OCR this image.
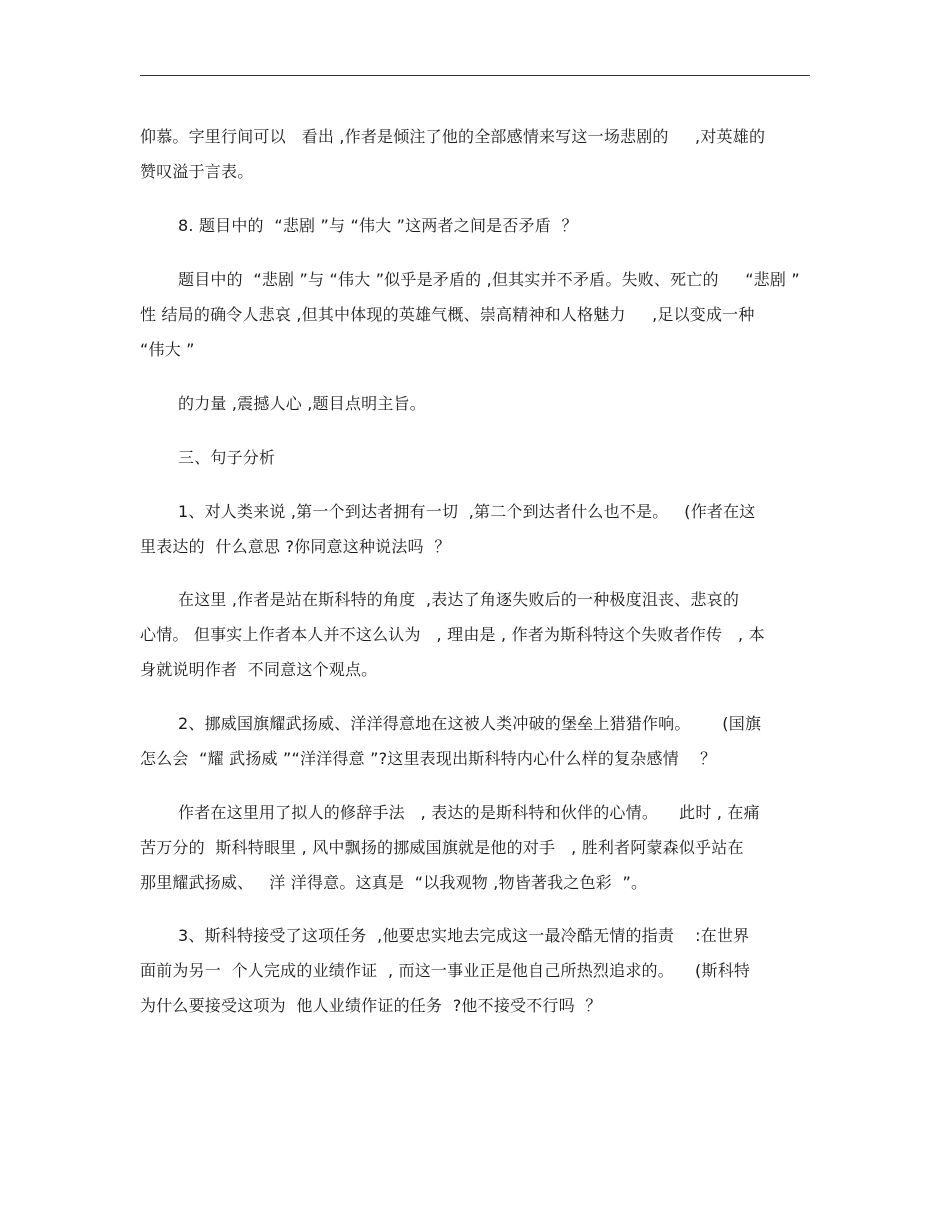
仰慕。字里行间可以   看出 ,作者是倾注了他的全部感情来写这一场悲剧的     ,对英雄的
赞叹溢于言表。
8. 题目中的  “悲剧 ”与 “伟大 ”这两者之间是否矛盾  ？
题目中的  “悲剧 ”与 “伟大 ”似乎是矛盾的 ,但其实并不矛盾。失败、死亡的     “悲剧 ”
性 结局的确令人悲哀 ,但其中体现的英雄气概、崇高精神和人格魅力     ,足以变成一种
“伟大 ”
的力量 ,震撼人心 ,题目点明主旨。
三、句子分析
1、对人类来说 ,第一个到达者拥有一切  ,第二个到达者什么也不是。   (作者在这
里表达的  什么意思 ?你同意这种说法吗  ？
在这里 ,作者是站在斯科特的角度  ,表达了角逐失败后的一种极度沮丧、悲哀的
心情。 但事实上作者本人并不这么认为   , 理由是 , 作者为斯科特这个失败者作传   , 本
身就说明作者  不同意这个观点。
2、挪威国旗耀武扬威、洋洋得意地在这被人类冲破的堡垒上猎猎作响。      (国旗
怎么会  “耀 武扬威 ”“洋洋得意 ”?这里表现出斯科特内心什么样的复杂感情    ？
作者在这里用了拟人的修辞手法   , 表达的是斯科特和伙伴的心情。    此时 , 在痛
苦万分的  斯科特眼里 , 风中飘扬的挪威国旗就是他的对手   , 胜利者阿蒙森似乎站在
那里耀武扬威、   洋 洋得意。这真是  “以我观物 ,物皆著我之色彩  ”。
3、斯科特接受了这项任务  ,他要忠实地去完成这一最冷酷无情的指责    :在世界
面前为另一  个人完成的业绩作证  , 而这一事业正是他自己所热烈追求的。    (斯科特
为什么要接受这项为  他人业绩作证的任务  ?他不接受不行吗  ？
